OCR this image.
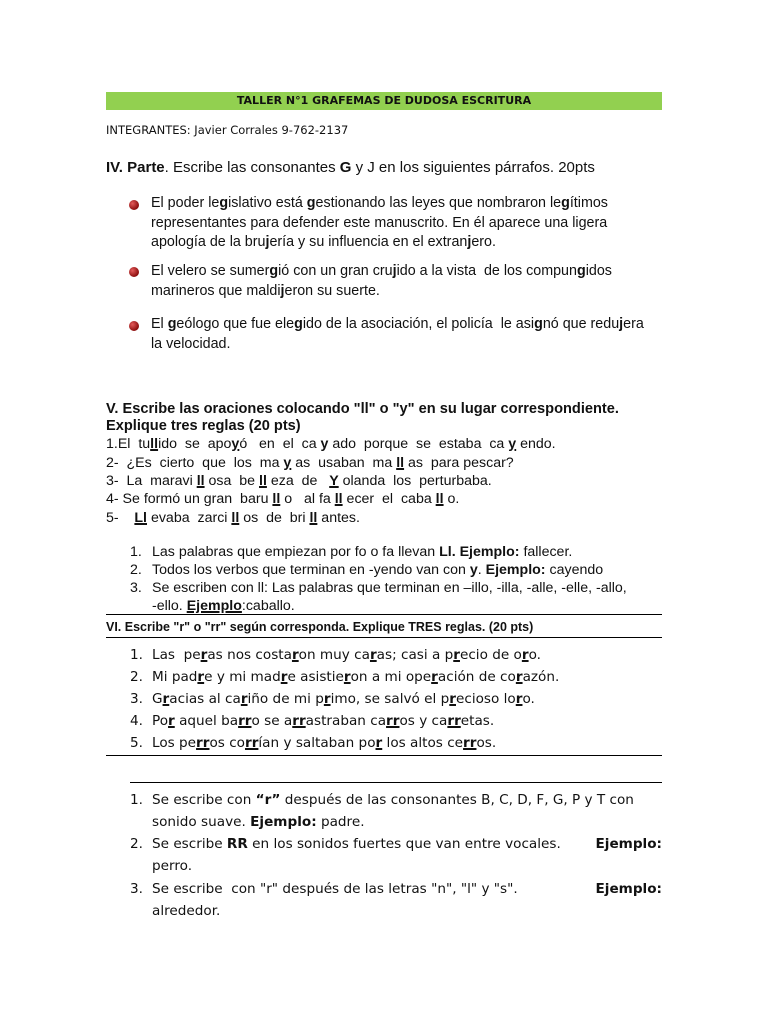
TALLER N°1 GRAFEMAS DE DUDOSA ESCRITURA
INTEGRANTES: Javier Corrales 9-762-2137
IV. Parte. Escribe las consonantes G y J en los siguientes párrafos. 20pts
El poder legislativo está gestionando las leyes que nombraron legítimos representantes para defender este manuscrito. En él aparece una ligera apología de la brujería y su influencia en el extranjero.
El velero se sumergió con un gran crujido a la vista  de los compungidos marineros que maldijeron su suerte.
El geólogo que fue elegido de la asociación, el policía  le asignó que redujera la velocidad.
V. Escribe las oraciones colocando "ll" o "y" en su lugar correspondiente.
Explique tres reglas (20 pts)
1.El  tullido  se  apoyó   en  el  ca y ado  porque  se  estaba  ca y endo.
2-  ¿Es  cierto  que  los  ma y as  usaban  ma ll as  para pescar?
3-  La  maravi ll osa  be ll eza  de   Y olanda  los  perturbaba.
4- Se formó un gran  baru ll o   al fa ll ecer  el  caba ll o.
5-    Ll evaba  zarci ll os  de  bri ll antes.
1. Las palabras que empiezan por fo o fa llevan Ll. Ejemplo: fallecer.
2. Todos los verbos que terminan en -yendo van con y. Ejemplo: cayendo
3. Se escriben con ll: Las palabras que terminan en –illo, -illa, -alle, -elle, -allo,
-ello. Ejemplo:caballo.
VI. Escribe "r" o "rr" según corresponda. Explique TRES reglas. (20 pts)
1.
2.
3.
4.
5.
Las  peras nos costaron muy caras; casi a precio de oro.
Mi padre y mi madre asistieron a mi operación de corazón.
Gracias al cariño de mi primo, se salvó el precioso loro.
Por aquel barro se arrastraban carros y carretas.
Los perros corrían y saltaban por los altos cerros.
1. Se escribe con “r” después de las consonantes B, C, D, F, G, P y T con
sonido suave. Ejemplo: padre.
2. Se escribe RR en los sonidos fuertes que van entre vocales.	Ejemplo:
perro.
3. Se escribe  con "r" después de las letras "n", "l" y "s".	Ejemplo:
alrededor.
